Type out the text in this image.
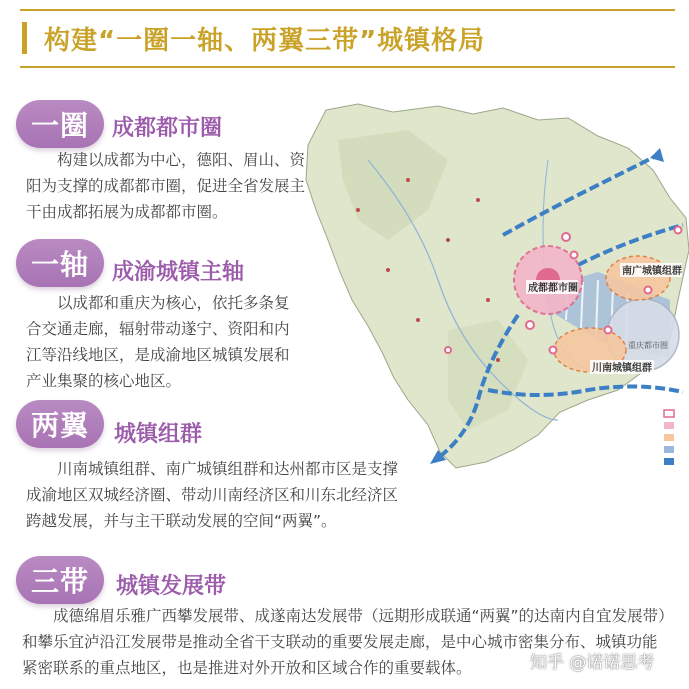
构建“一圈一轴、两翼三带”城镇格局
一圈	成都都市圈
构建以成都为中心，德阳、眉山、资阳为支撑的成都都市圈，促进全省发展主干由成都拓展为成都都市圈。
一轴	成渝城镇主轴
以成都和重庆为核心，依托多条复合交通走廊，辐射带动遂宁、资阳和内江等沿线地区，是成渝地区城镇发展和产业集聚的核心地区。
两翼	城镇组群
川南城镇组群、南广城镇组群和达州都市区是支撑成渝地区双城经济圈、带动川南经济区和川东北经济区跨越发展，并与主干联动发展的空间“两翼”。
三带	城镇发展带
成德绵眉乐雅广西攀发展带、成遂南达发展带（远期形成联通“两翼”的达南内自宜发展带）和攀乐宜泸沿江发展带是推动全省干支联动的重要发展走廊，是中心城市密集分布、城镇功能紧密联系的重点地区，也是推进对外开放和区域合作的重要载体。
成都都市圈
南广城镇组群
川南城镇组群
重庆都市圈
知乎 @诺诺思考
